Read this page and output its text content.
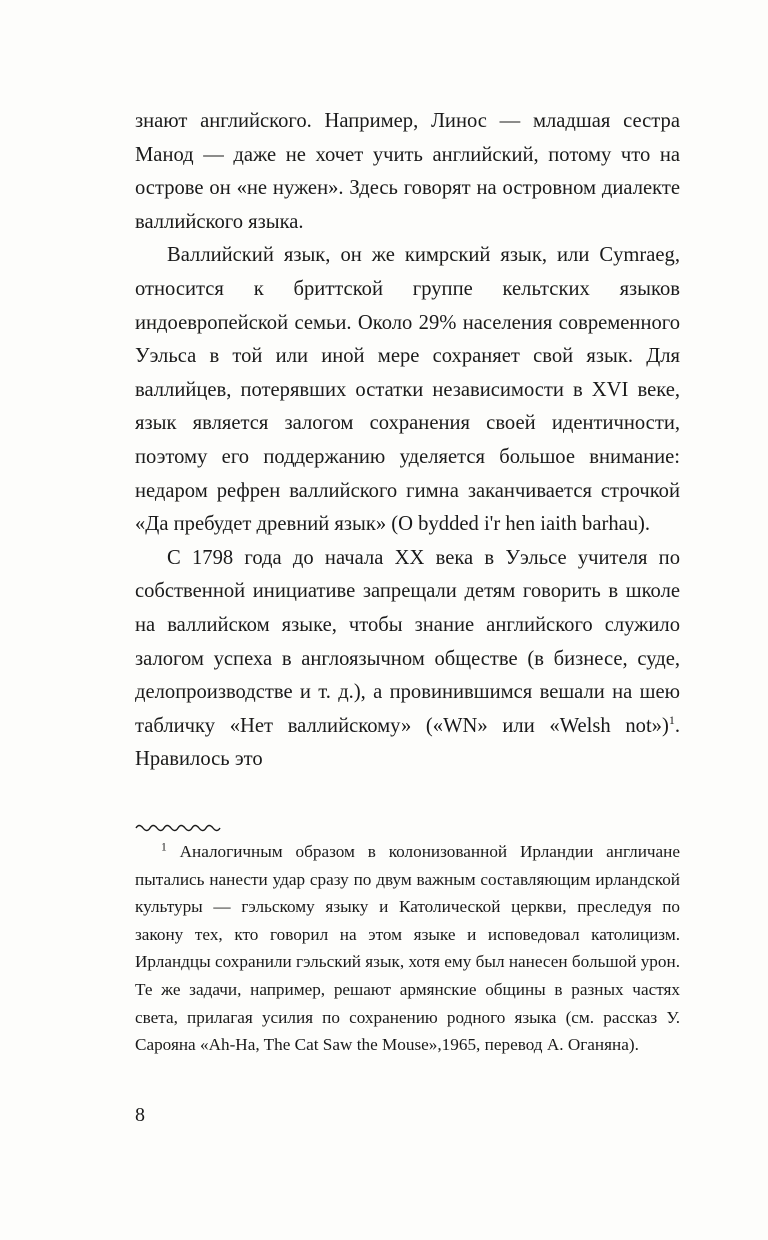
знают английского. Например, Линос — младшая сестра Манод — даже не хочет учить английский, потому что на острове он «не нужен». Здесь говорят на островном диалекте валлийского языка.

Валлийский язык, он же кимрский язык, или Cymraeg, относится к бриттской группе кельтских языков индоевропейской семьи. Около 29% населения современного Уэльса в той или иной мере сохраняет свой язык. Для валлийцев, потерявших остатки независимости в XVI веке, язык является залогом сохранения своей идентичности, поэтому его поддержанию уделяется большое внимание: недаром рефрен валлийского гимна заканчивается строчкой «Да пребудет древний язык» (O bydded i'r hen iaith barhau).

С 1798 года до начала XX века в Уэльсе учителя по собственной инициативе запрещали детям говорить в школе на валлийском языке, чтобы знание английского служило залогом успеха в англоязычном обществе (в бизнесе, суде, делопроизводстве и т. д.), а провинившимся вешали на шею табличку «Нет валлийскому» («WN» или «Welsh not»)$^1$. Нравилось это

$^1$ Аналогичным образом в колонизованной Ирландии англичане пытались нанести удар сразу по двум важным составляющим ирландской культуры — гэльскому языку и Католической церкви, преследуя по закону тех, кто говорил на этом языке и исповедовал католицизм. Ирландцы сохранили гэльский язык, хотя ему был нанесен большой урон. Те же задачи, например, решают армянские общины в разных частях света, прилагая усилия по сохранению родного языка (см. рассказ У. Сарояна «Ah-Ha, The Cat Saw the Mouse»,1965, перевод А. Оганяна).

8
